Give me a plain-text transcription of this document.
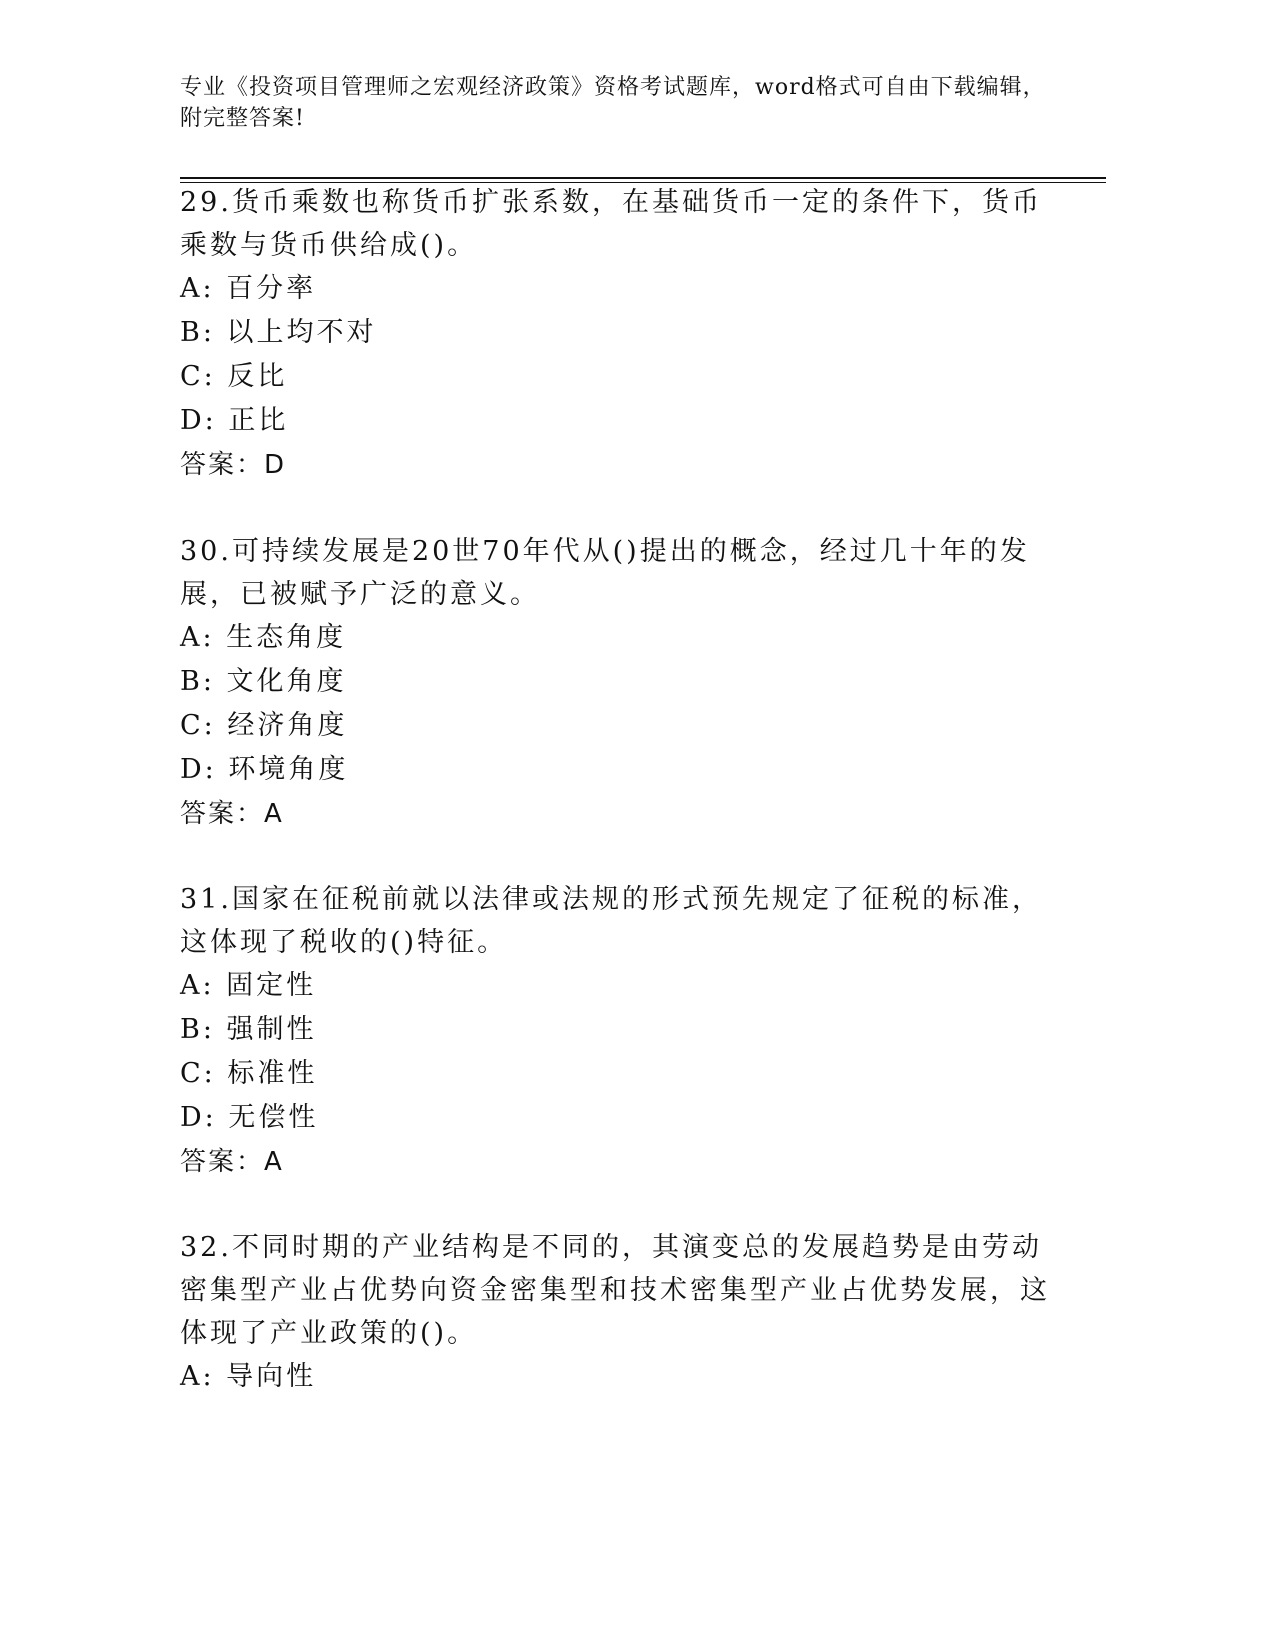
专业《投资项目管理师之宏观经济政策》资格考试题库，word格式可自由下载编辑，附完整答案!
29.货币乘数也称货币扩张系数，在基础货币一定的条件下，货币乘数与货币供给成()。
A: 百分率
B: 以上均不对
C: 反比
D: 正比
答案：D
30.可持续发展是20世70年代从()提出的概念，经过几十年的发展，已被赋予广泛的意义。
A: 生态角度
B: 文化角度
C: 经济角度
D: 环境角度
答案：A
31.国家在征税前就以法律或法规的形式预先规定了征税的标准，这体现了税收的()特征。
A: 固定性
B: 强制性
C: 标准性
D: 无偿性
答案：A
32.不同时期的产业结构是不同的，其演变总的发展趋势是由劳动密集型产业占优势向资金密集型和技术密集型产业占优势发展，这体现了产业政策的()。
A: 导向性
